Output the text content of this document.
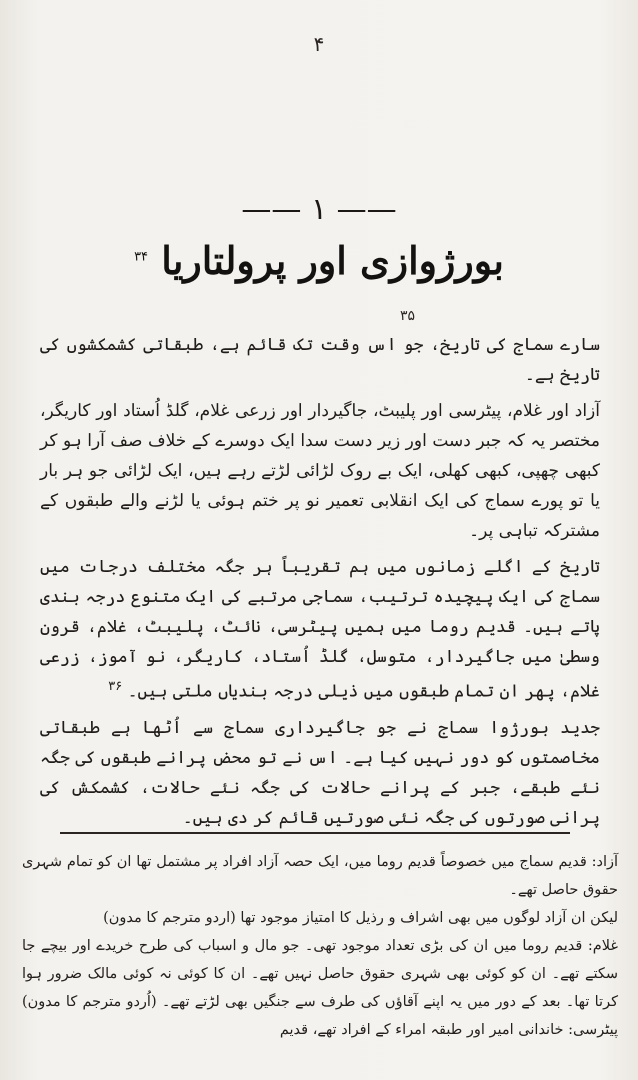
۴
—— ۱ ——
بورژوازی اور پرولتاریا $^{۳۴}$
۳۵

سارے سماج کی تاریخ، جو اس وقت تک قائم ہے، طبقاتی کشمکشوں کی تاریخ ہے۔

آزاد اور غلام، پیٹرسی اور پلیبٹ، جاگیردار اور زرعی غلام، گلڈ اُستاد اور کاریگر، مختصر یہ کہ جبر دست اور زیر دست سدا ایک دوسرے کے خلاف صف آرا ہو کر کبھی چھپی، کبھی کھلی، ایک بے روک لڑائی لڑتے رہے ہیں، ایک لڑائی جو ہر بار یا تو پورے سماج کی ایک انقلابی تعمیر نو پر ختم ہوئی یا لڑنے والے طبقوں کے مشترکہ تباہی پر۔

تاریخ کے اگلے زمانوں میں ہم تقریباً ہر جگہ مختلف درجات میں سماج کی ایک پیچیدہ ترتیب، سماجی مرتبے کی ایک متنوع درجہ بندی پاتے ہیں۔ قدیم روما میں ہمیں پیٹرسی، نائٹ، پلیبٹ، غلام، قرون وسطیٰ میں جاگیردار، متوسل، گلڈ اُستاد، کاریگر، نو آموز، زرعی غلام، پھر ان تمام طبقوں میں ذیلی درجہ بندیاں ملتی ہیں۔ $^{۳۶}$

جدید بورژوا سماج نے جو جاگیرداری سماج سے اُٹھا ہے طبقاتی مخاصمتوں کو دور نہیں کیا ہے۔ اس نے تو محض پرانے طبقوں کی جگہ نئے طبقے، جبر کے پرانے حالات کی جگہ نئے حالات، کشمکش کی پرانی صورتوں کی جگہ نئی صورتیں قائم کر دی ہیں۔

آزاد: قدیم سماج میں خصوصاً قدیم روما میں، ایک حصہ آزاد افراد پر مشتمل تھا ان کو تمام شہری حقوق حاصل تھے۔

لیکن ان آزاد لوگوں میں بھی اشراف و رذیل کا امتیاز موجود تھا (اردو مترجم کا مدون)

غلام: قدیم روما میں ان کی بڑی تعداد موجود تھی۔ جو مال و اسباب کی طرح خریدے اور بیچے جا سکتے تھے۔ ان کو کوئی بھی شہری حقوق حاصل نہیں تھے۔ ان کا کوئی نہ کوئی مالک ضرور ہوا کرتا تھا۔ بعد کے دور میں یہ اپنے آقاؤں کی طرف سے جنگیں بھی لڑتے تھے۔ (اُردو مترجم کا مدون) پیٹرسی: خاندانی امیر اور طبقہ امراء کے افراد تھے، قدیم
